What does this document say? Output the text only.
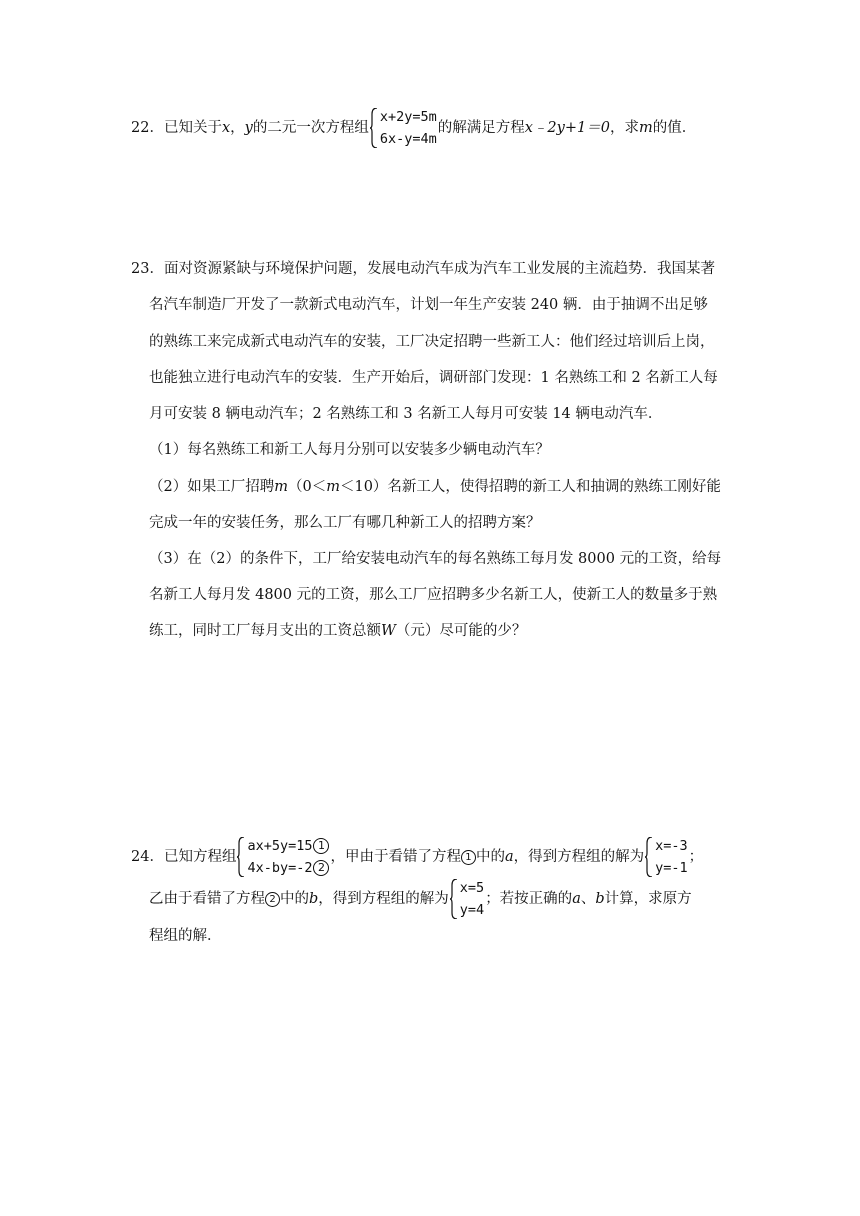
22．已知关于x，y的二元一次方程组
x+2y=5m
6x-y=4m
的解满足方程x﹣2y+1＝0，求m的值．
23．面对资源紧缺与环境保护问题，发展电动汽车成为汽车工业发展的主流趋势．我国某著
名汽车制造厂开发了一款新式电动汽车，计划一年生产安装 240 辆．由于抽调不出足够
的熟练工来完成新式电动汽车的安装，工厂决定招聘一些新工人：他们经过培训后上岗，
也能独立进行电动汽车的安装．生产开始后，调研部门发现：1 名熟练工和 2 名新工人每
月可安装 8 辆电动汽车；2 名熟练工和 3 名新工人每月可安装 14 辆电动汽车．
（1）每名熟练工和新工人每月分别可以安装多少辆电动汽车？
（2）如果工厂招聘m（0＜m＜10）名新工人，使得招聘的新工人和抽调的熟练工刚好能
完成一年的安装任务，那么工厂有哪几种新工人的招聘方案？
（3）在（2）的条件下，工厂给安装电动汽车的每名熟练工每月发 8000 元的工资，给每
名新工人每月发 4800 元的工资，那么工厂应招聘多少名新工人，使新工人的数量多于熟
练工，同时工厂每月支出的工资总额W（元）尽可能的少？
24．已知方程组
ax+5y=15 1
4x-by=-2 2
，甲由于看错了方程 1 中的a，得到方程组的解为
x=-3
y=-1
；
乙由于看错了方程 2 中的b，得到方程组的解为
x=5
y=4
；若按正确的a、b计算，求原方
程组的解．
